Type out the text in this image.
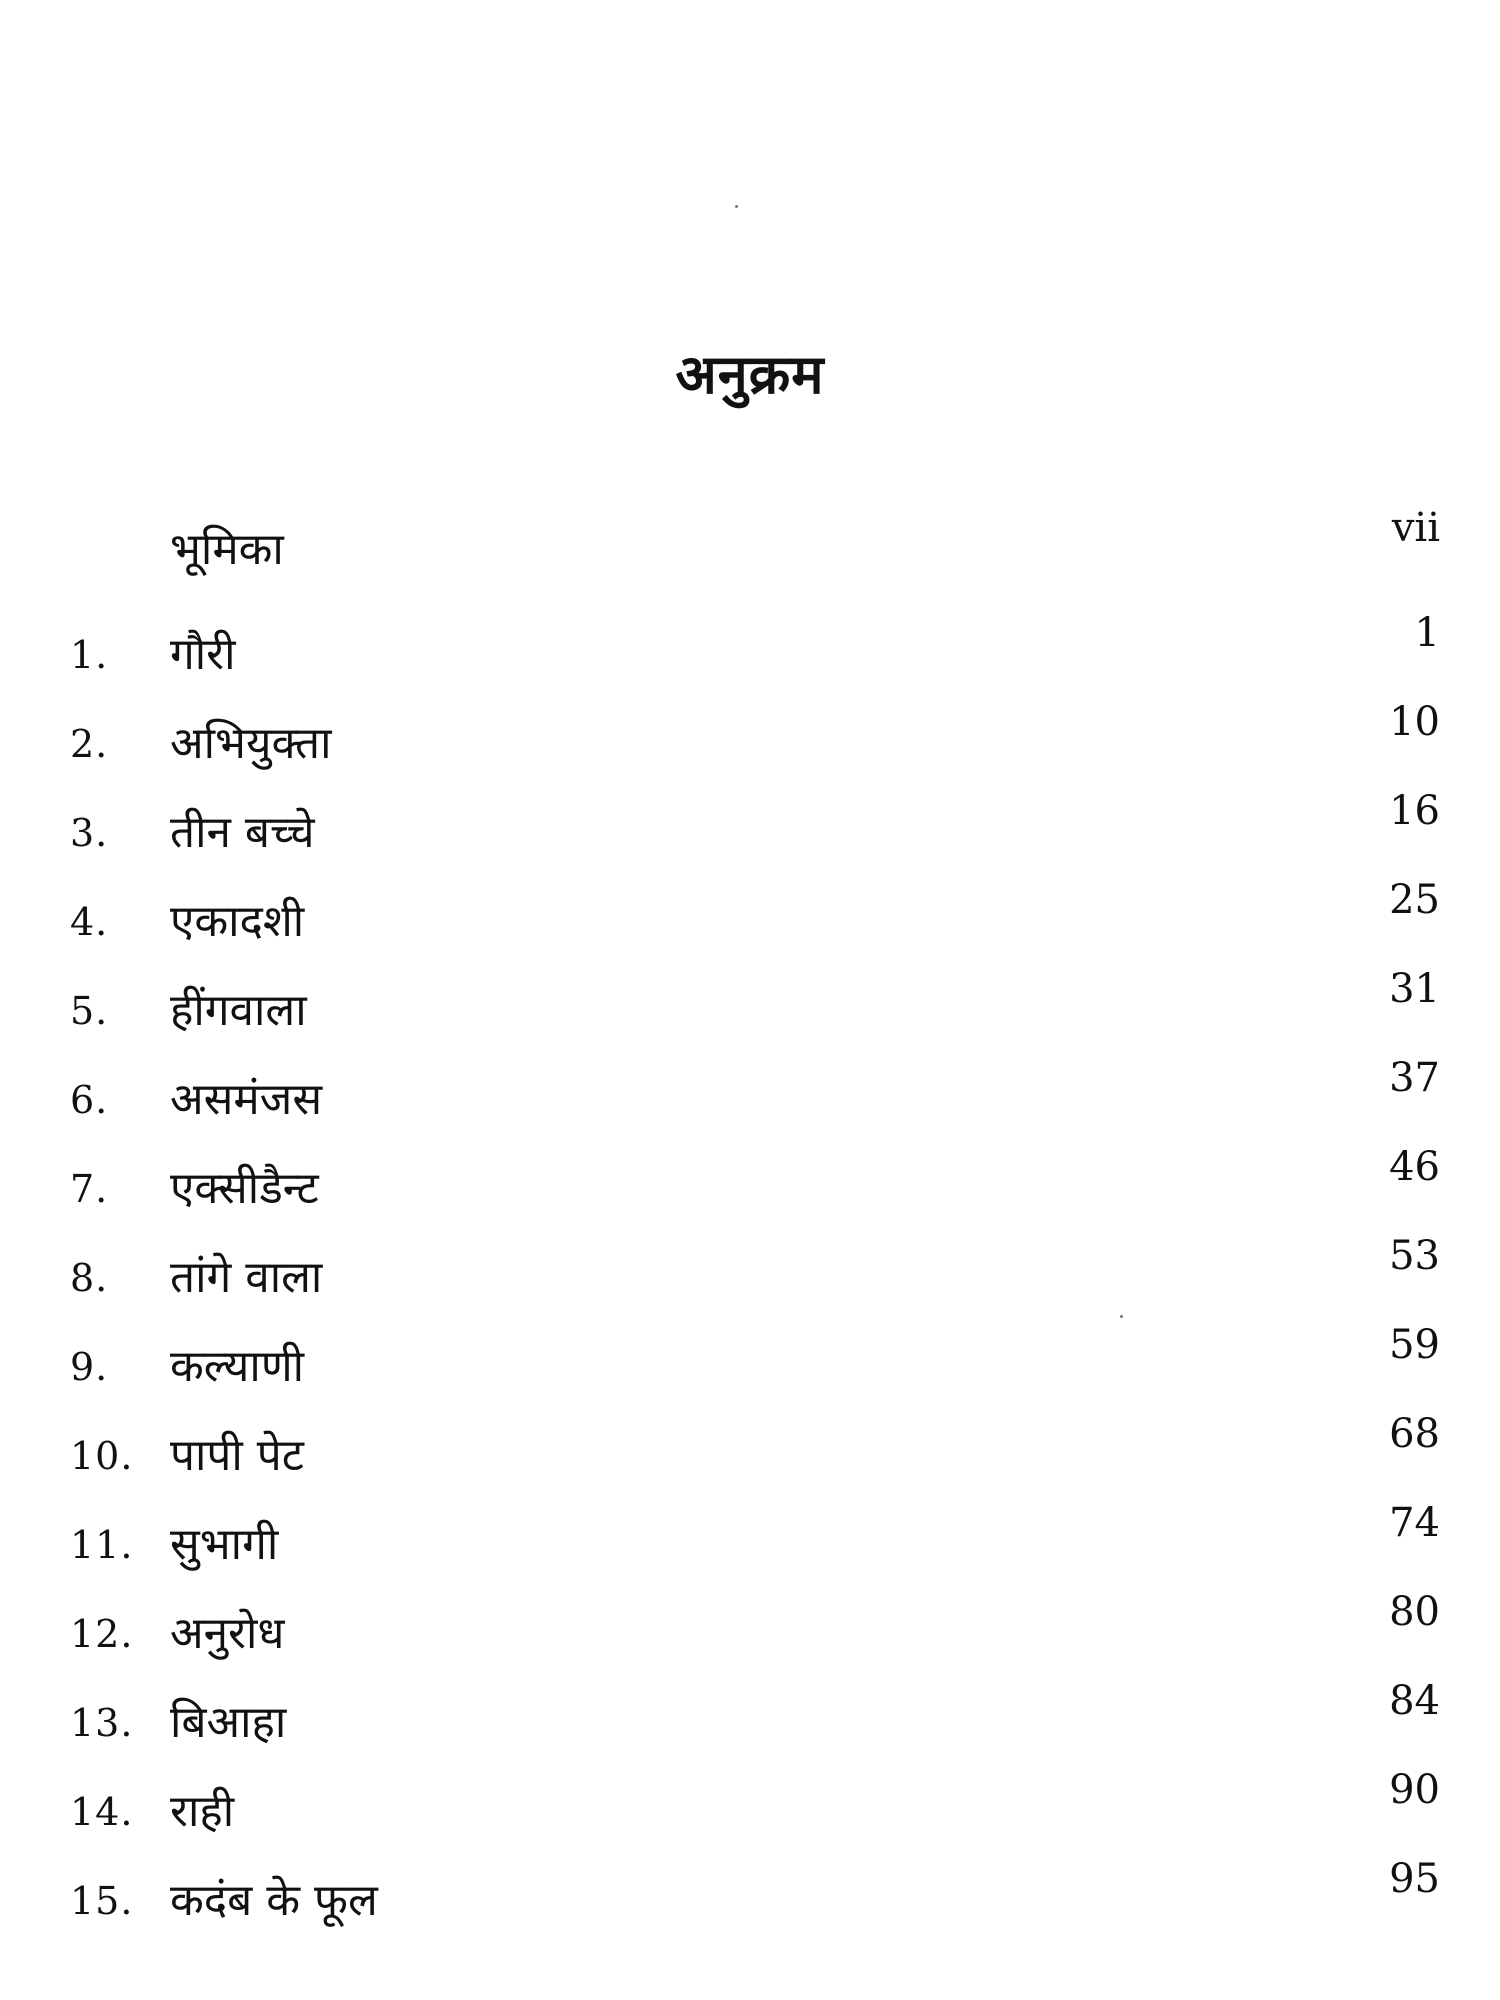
अनुक्रम
भूमिका	vii
1.	गौरी	1
2.	अभियुक्ता	10
3.	तीन बच्चे	16
4.	एकादशी	25
5.	हींगवाला	31
6.	असमंजस	37
7.	एक्सीडैन्ट	46
8.	तांगे वाला	53
9.	कल्याणी	59
10. पापी पेट	68
11. सुभागी	74
12. अनुरोध	80
13. बिआहा	84
14. राही	90
15. कदंब के फूल	95
